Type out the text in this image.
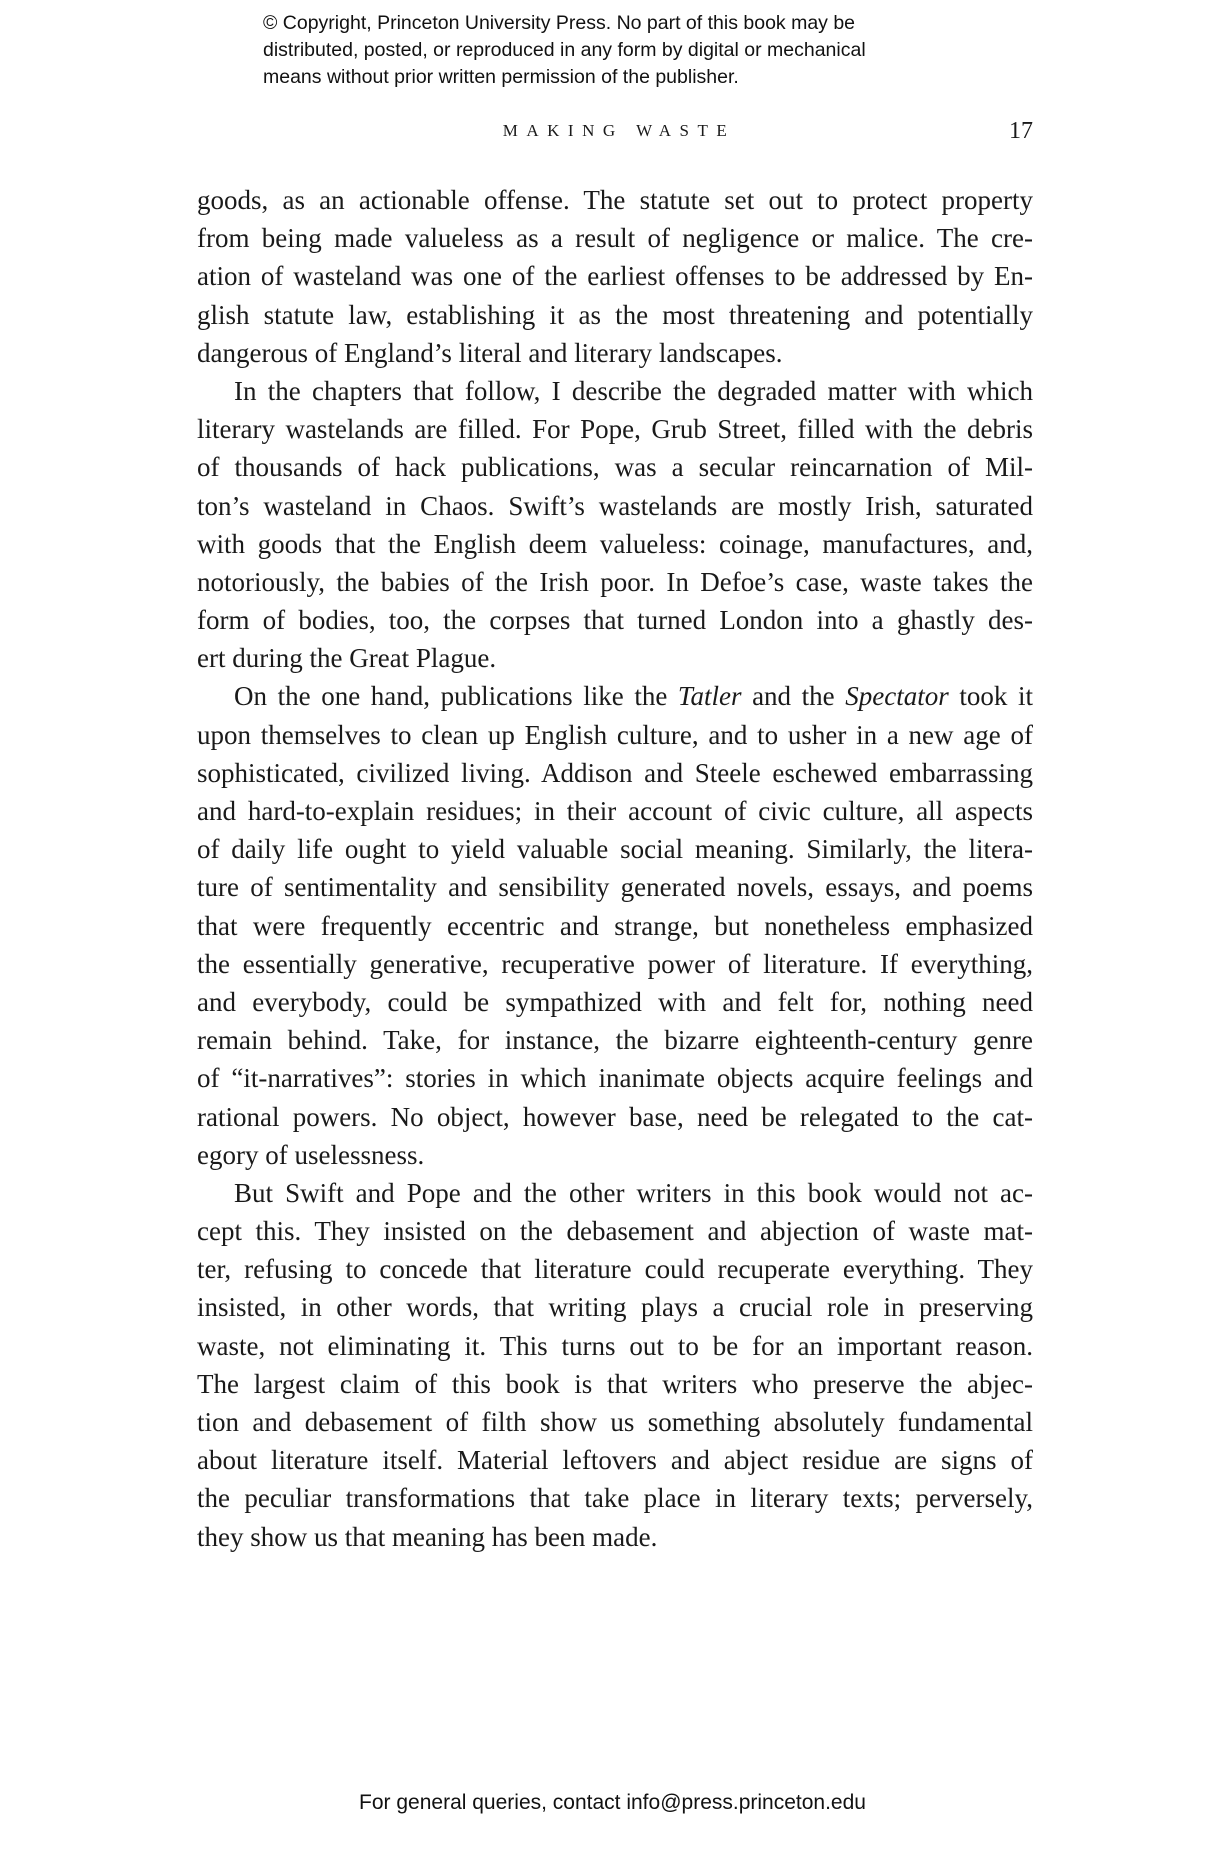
© Copyright, Princeton University Press. No part of this book may be
distributed, posted, or reproduced in any form by digital or mechanical
means without prior written permission of the publisher.
MAKING WASTE	17
goods, as an actionable offense. The statute set out to protect property
from being made valueless as a result of negligence or malice. The cre-
ation of wasteland was one of the earliest offenses to be addressed by En-
glish statute law, establishing it as the most threatening and potentially
dangerous of England’s literal and literary landscapes.
In the chapters that follow, I describe the degraded matter with which
literary wastelands are filled. For Pope, Grub Street, filled with the debris
of thousands of hack publications, was a secular reincarnation of Mil-
ton’s wasteland in Chaos. Swift’s wastelands are mostly Irish, saturated
with goods that the English deem valueless: coinage, manufactures, and,
notoriously, the babies of the Irish poor. In Defoe’s case, waste takes the
form of bodies, too, the corpses that turned London into a ghastly des-
ert during the Great Plague.
On the one hand, publications like the Tatler and the Spectator took it
upon themselves to clean up English culture, and to usher in a new age of
sophisticated, civilized living. Addison and Steele eschewed embarrassing
and hard-to-explain residues; in their account of civic culture, all aspects
of daily life ought to yield valuable social meaning. Similarly, the litera-
ture of sentimentality and sensibility generated novels, essays, and poems
that were frequently eccentric and strange, but nonetheless emphasized
the essentially generative, recuperative power of literature. If everything,
and everybody, could be sympathized with and felt for, nothing need
remain behind. Take, for instance, the bizarre eighteenth-century genre
of “it-narratives”: stories in which inanimate objects acquire feelings and
rational powers. No object, however base, need be relegated to the cat-
egory of uselessness.
But Swift and Pope and the other writers in this book would not ac-
cept this. They insisted on the debasement and abjection of waste mat-
ter, refusing to concede that literature could recuperate everything. They
insisted, in other words, that writing plays a crucial role in preserving
waste, not eliminating it. This turns out to be for an important reason.
The largest claim of this book is that writers who preserve the abjec-
tion and debasement of filth show us something absolutely fundamental
about literature itself. Material leftovers and abject residue are signs of
the peculiar transformations that take place in literary texts; perversely,
they show us that meaning has been made.
For general queries, contact info@press.princeton.edu
